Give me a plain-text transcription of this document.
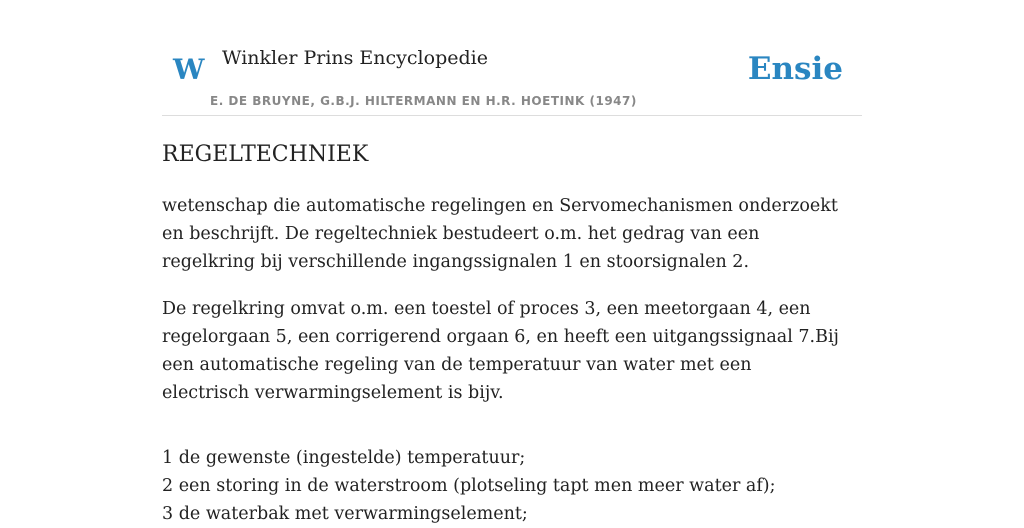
W Winkler Prins Encyclopedie	Ensie
E. DE BRUYNE, G.B.J. HILTERMANN EN H.R. HOETINK (1947)
REGELTECHNIEK

wetenschap die automatische regelingen en Servomechanismen onderzoekt en beschrijft. De regeltechniek bestudeert o.m. het gedrag van een regelkring bij verschillende ingangssignalen 1 en stoorsignalen 2.

De regelkring omvat o.m. een toestel of proces 3, een meetorgaan 4, een regelorgaan 5, een corrigerend orgaan 6, en heeft een uitgangssignaal 7.Bij een automatische regeling van de temperatuur van water met een electrisch verwarmingselement is bijv.

1 de gewenste (ingestelde) temperatuur;
2 een storing in de waterstroom (plotseling tapt men meer water af);
3 de waterbak met verwarmingselement;
